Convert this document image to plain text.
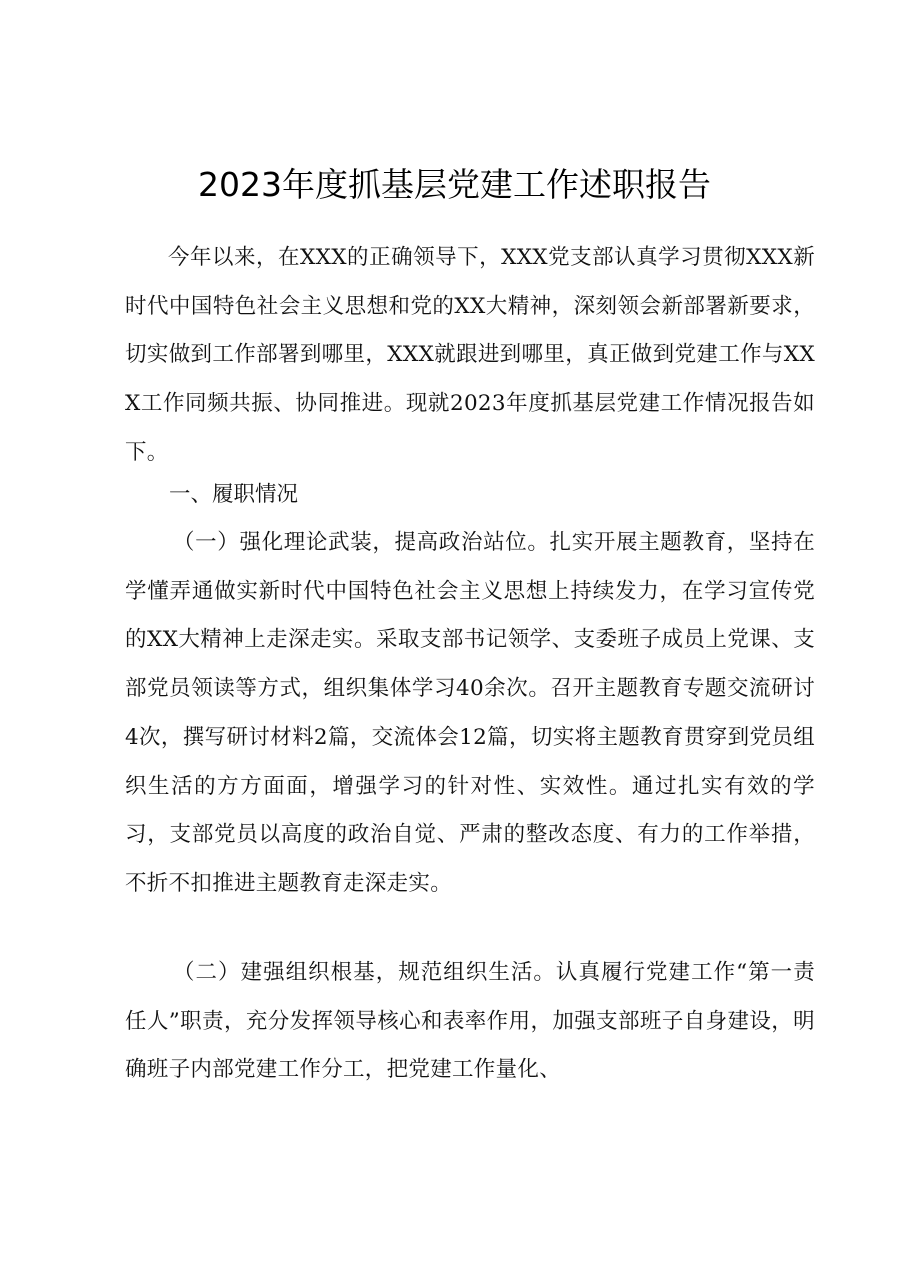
2023年度抓基层党建工作述职报告
今年以来，在XXX的正确领导下，XXX党支部认真学习贯彻XXX新时代中国特色社会主义思想和党的XX大精神，深刻领会新部署新要求，切实做到工作部署到哪里，XXX就跟进到哪里，真正做到党建工作与XXX工作同频共振、协同推进。现就2023年度抓基层党建工作情况报告如下。
一、履职情况
（一）强化理论武装，提高政治站位。扎实开展主题教育，坚持在学懂弄通做实新时代中国特色社会主义思想上持续发力，在学习宣传党的XX大精神上走深走实。采取支部书记领学、支委班子成员上党课、支部党员领读等方式，组织集体学习40余次。召开主题教育专题交流研讨4次，撰写研讨材料2篇，交流体会12篇，切实将主题教育贯穿到党员组织生活的方方面面，增强学习的针对性、实效性。通过扎实有效的学习，支部党员以高度的政治自觉、严肃的整改态度、有力的工作举措，不折不扣推进主题教育走深走实。
（二）建强组织根基，规范组织生活。认真履行党建工作“第一责任人”职责，充分发挥领导核心和表率作用，加强支部班子自身建设，明确班子内部党建工作分工，把党建工作量化、
